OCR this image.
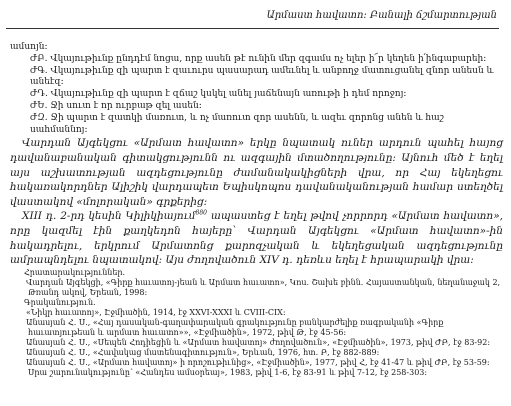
Արմաստ հավատո։ Բանալի ճշմարտության

ամսոյն։

ԺԲ. Վկայութիւնք ընդդէմ նոցա, որք ասեն թէ ունին մեր զգամս ոչ ելեր ի՜ր կեղեն ի՛ինգաբարեի։

ԺԳ. Վկայութիւնք զի պարտ է զաւուրս պասարադ ամեւնել և անբողջ մատուցանել զնոր անեսն և անեէզ։

ԺԴ. Վկայութիւնք զի պարտ է զճաշ կսկել անել յաճենայն առութի ի դեմ որոջոյ։

ԺԵ. Ջի սուտ է որ ուրբաթ զել ասեն։

ԺԶ. Ջի պարտ է զատկի մառուտ, և ոչ մառուտ զոր ասենն, և ազեւ զորոնց անեն և հաշ սահմաննոյ։

Վարդան Այգեկցու «Արմատ հավատո» երկը նպատակ ուներ արդուն պահել հայոց դավանաբանական գիտակցությունն ու ազգային մտածողությունը: Այնուհ մեծ է եղել այս աշխատության ազդեցությունը ժամանակակիցների վրա, որ Հայ եկեղեցու հակառակորդներ Ալիշիկ վարդապետ Եպիսկոպոս դավանականության համար ստեղծել վաստակով «մոլորական» գրքերից։

XIII դ. 2-րդ կեսին Կիլիկիայում$^{880}$ ապաստեց է եղել թվով չորրորդ «Արմատ հավատո», որը կազմել էին քաղկեդոն հայերը՝ Վարդան Այգեկցու «Արմատ հավատո»-ին հակադրելու, երկրում Արմատոնց քարոզչական և եկեղեցական ազդեցությունը ամրապնդելու նպատակով: Այս ժողովածուն XIV դ. դեռևս եղել է հրապարակի վրա։

Հրատարակություններ.

Վարդան Այգեկցի, «Գիրք հաւատոյ-յեան և Արմատ հաւատո», Կոս. Շախե բինն. Հայաստանկան, նեղանաջակ 2, Թռանդ ակով, Երեան, 1998։

Գրականություն.

«Նիկր հաւատոյ», Էջմիածին, 1914, էջ XXVI-XXXI և CVIII-CIX։

Անասյան Հ. Ս., «Հայ դասական-գաղափարական գրակությունը բանկարժելիք ռագրականի «Գիրք հաւատյութեան և արմատ հաւատո»», «Էջմիածին», 1972, թիվ Թ, էջ 45-56։

Անասյան Հ. Ս., «Սեպեն Հոդիեցին և «Արմատ հավատոյ» ժողովածուն», «Էջմիածին», 1973, թիվ ԺԲ, էջ 83-92։

Անասյան Հ. Ս., «Հավակաց մատենագիտություն», Երևան, 1976, հտ. Բ, էջ 882-889։

Անասյան Հ. Ս., «Արմատ հավատոյ» ի որոշութիւնից», «Էջմիածին», 1977, թիվ Հ, էջ 41-47 և թիվ ԺԲ, էջ 53-59։ Սրա շարունակությունը՝ «Հանդես ամսօրեայ», 1983, թիվ 1-6, էջ 83-91 և թիվ 7-12, էջ 258-303։
